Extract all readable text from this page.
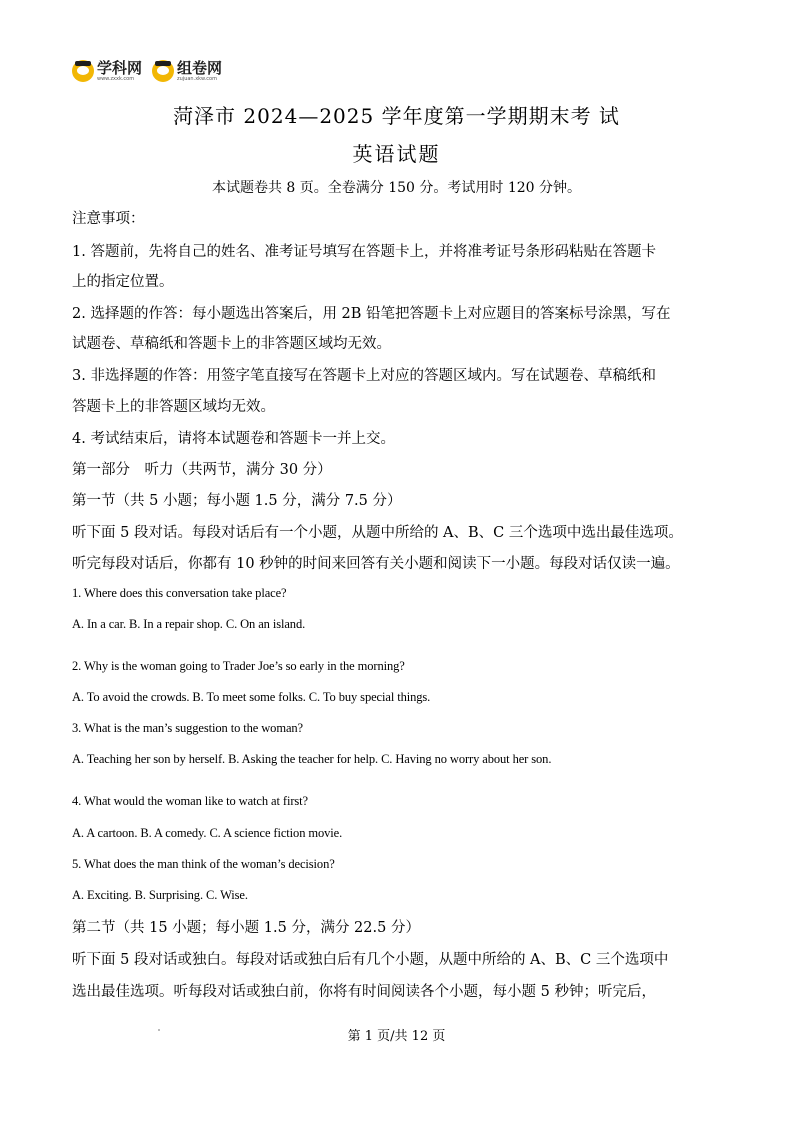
学科网
www.zxxk.com
组卷网
zujuan.xkw.com
菏泽市 2024—2025 学年度第一学期期末考 试
英语试题
本试题卷共 8 页。全卷满分 150 分。考试用时 120 分钟。
注意事项：
1. 答题前，先将自己的姓名、准考证号填写在答题卡上，并将准考证号条形码粘贴在答题卡
上的指定位置。
2. 选择题的作答：每小题选出答案后，用 2B 铅笔把答题卡上对应题目的答案标号涂黑，写在
试题卷、草稿纸和答题卡上的非答题区域均无效。
3. 非选择题的作答：用签字笔直接写在答题卡上对应的答题区域内。写在试题卷、草稿纸和
答题卡上的非答题区域均无效。
4. 考试结束后，请将本试题卷和答题卡一并上交。
第一部分　听力（共两节，满分 30 分）
第一节（共 5 小题；每小题 1.5 分，满分 7.5 分）
听下面 5 段对话。每段对话后有一个小题，从题中所给的 A、B、C 三个选项中选出最佳选项。
听完每段对话后，你都有 10 秒钟的时间来回答有关小题和阅读下一小题。每段对话仅读一遍。
1. Where does this conversation take place?
A. In a car. B. In a repair shop. C. On an island.
2. Why is the woman going to Trader Joe’s so early in the morning?
A. To avoid the crowds. B. To meet some folks. C. To buy special things.
3. What is the man’s suggestion to the woman?
A. Teaching her son by herself. B. Asking the teacher for help. C. Having no worry about her son.
4. What would the woman like to watch at first?
A. A cartoon. B. A comedy. C. A science fiction movie.
5. What does the man think of the woman’s decision?
A. Exciting. B. Surprising. C. Wise.
第二节（共 15 小题；每小题 1.5 分，满分 22.5 分）
听下面 5 段对话或独白。每段对话或独白后有几个小题，从题中所给的 A、B、C 三个选项中
选出最佳选项。听每段对话或独白前，你将有时间阅读各个小题，每小题 5 秒钟；听完后，
第 1 页/共 12 页
